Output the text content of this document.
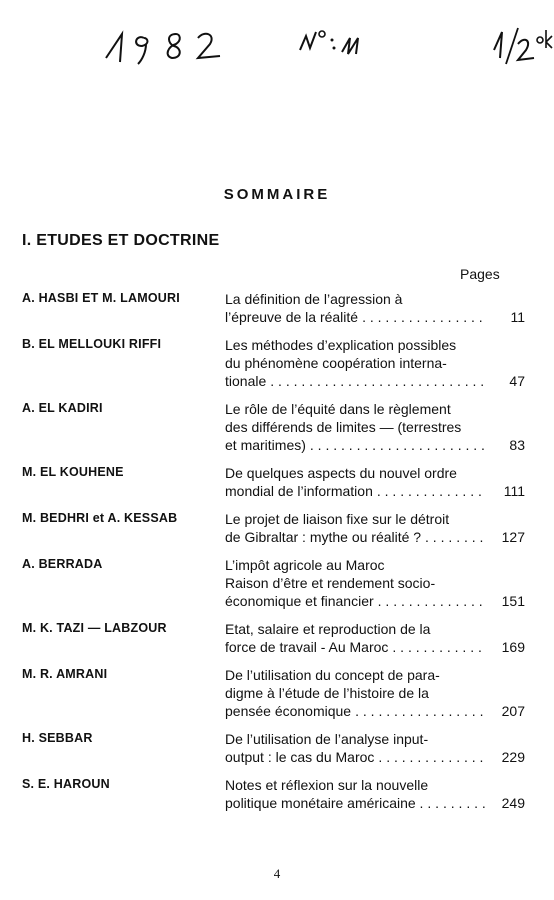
SOMMAIRE
I. ETUDES ET DOCTRINE
Pages
A. HASBI ET M. LAMOURI	La définition de l’agression à
l’épreuve de la réalité . . .	11
B. EL MELLOUKI RIFFI	Les méthodes d’explication possibles
du phénomène coopération interna-
tionale . . .	47
A. EL KADIRI	Le rôle de l’équité dans le règlement
des différends de limites — (terrestres
et maritimes) . . .	83
M. EL KOUHENE	De quelques aspects du nouvel ordre
mondial de l’information . . .	111
M. BEDHRI et A. KESSAB	Le projet de liaison fixe sur le détroit
de Gibraltar : mythe ou réalité ? . . . . .	127
A. BERRADA	L’impôt agricole au Maroc
Raison d’être et rendement socio-
économique et financier . . .	151
M. K. TAZI — LABZOUR	Etat, salaire et reproduction de la
force de travail - Au Maroc . . .	169
M. R. AMRANI	De l’utilisation du concept de para-
digme à l’étude de l’histoire de la
pensée économique . . .	207
H. SEBBAR	De l’utilisation de l’analyse input-
output : le cas du Maroc . . .	229
S. E. HAROUN	Notes et réflexion sur la nouvelle
politique monétaire américaine . . . . . .	249
4
